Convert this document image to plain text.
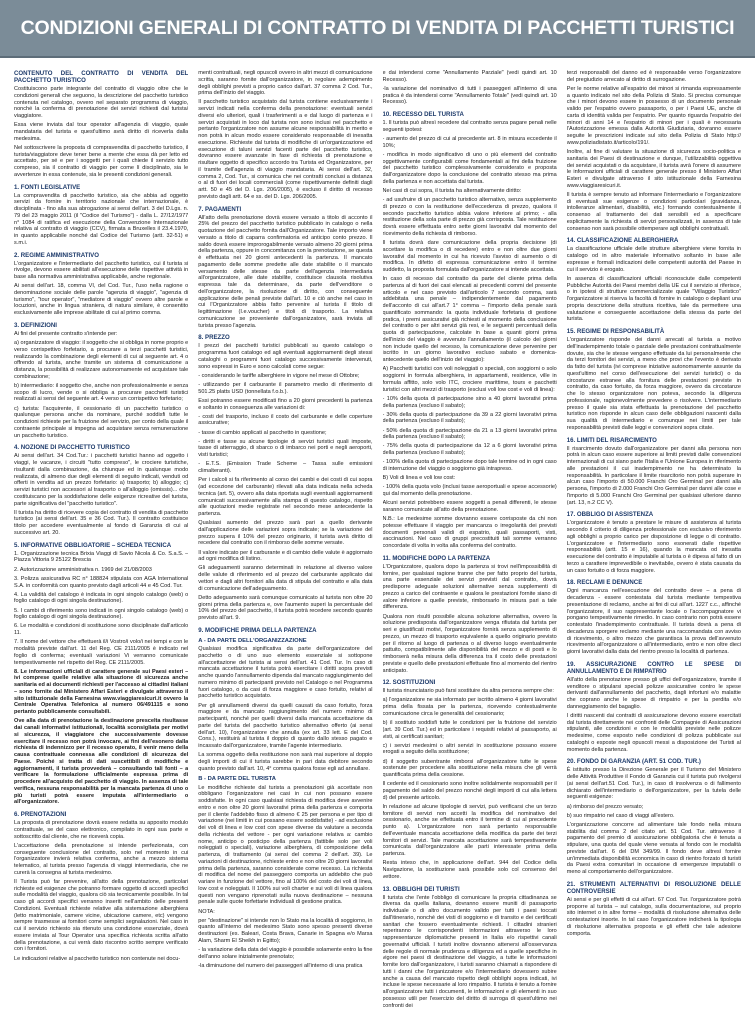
CONDIZIONI GENERALI DI CONTRATTO DI VENDITA DI PACCHETTI TURISTICI
CONTENUTO DEL CONTRATTO DI VENDITA DEL PACCHETTO TURISTICO

Costituiscono parte integrante del contratto di viaggio oltre che le condizioni generali che seguono, la descrizione del pacchetto turistico contenuta nel catalogo, ovvero nel separato programma di viaggio, nonché la conferma di prenotazione dei servizi richiesti dal turista/ viaggiatore.

Essa viene inviata dal tour operator all'agenzia di viaggio, quale mandataria del turista e quest'ultimo avrà diritto di riceverla dalla medesima.

Nel sottoscrivere la proposta di compravendita di pacchetto turistico, il turista/viaggiatore deve tener bene a mente che essa dà per letto ed accettato, per sé e per i soggetti per i quali chiede il servizio tutto compreso, sia il contratto di viaggio per come lì disciplinato, sia le avvertenze in essa contenute, sia le presenti condizioni generali.

1. FONTI LEGISLATIVE

La compravendita di pacchetto turistico, sia che abbia ad oggetto servizi da fornire in territorio nazionale che internazionale, è disciplinata - fino alla sua abrogazione ai sensi dell'art. 3 del D.Lgs. n. 79 del 23 maggio 2011 (il "Codice del Turismo") - dalla L. 27/12/1977 n° 1084 di ratifica ed esecuzione della Convenzione Internazionale relativa al contratto di viaggio (CCV), firmata a Bruxelles il 23.4.1970, in quanto applicabile nonché dal Codice del Turismo (artt. 32-51) e s.m.i.

2. REGIME AMMINISTRATIVO

L'organizzatore e l'intermediario del pacchetto turistico, cui il turista si rivolge, devono essere abilitati all'esecuzione delle rispettive attività in base alla normativa amministrativa applicabile, anche regionale.

Ai sensi dell'art. 18, comma VI, del Cod. Tur., l'uso nella ragione o denominazione sociale delle parole "agenzia di viaggio", "agenzia di turismo", "tour operator", "mediatore di viaggio" ovvero altre parole e locuzioni, anche in lingua straniera, di natura similare, è consentito esclusivamente alle imprese abilitate di cui al primo comma.

3. DEFINIZIONI

Ai fini del presente contratto s'intende per:

a) organizzatore di viaggio: il soggetto che si obbliga in nome proprio e verso corrispettivo forfetario, a procurare a terzi pacchetti turistici, realizzando la combinazione degli elementi di cui al seguente art. 4 o offrendo al turista, anche tramite un sistema di comunicazione a distanza, la possibilità di realizzare autonomamente ed acquistare tale combinazione;

b) intermediario: il soggetto che, anche non professionalmente e senza scopo di lucro, vende o si obbliga a procurare pacchetti turistici realizzati ai sensi del seguente art. 4 verso un corrispettivo forfetario;

c) turista: l'acquirente, il cessionario di un pacchetto turistico o qualunque persona anche da nominare, purché soddisfi tutte le condizioni richieste per la fruizione del servizio, per conto della quale il contraente principale si impegna ad acquistare senza remunerazione un pacchetto turistico.

4. NOZIONE DI PACCHETTO TURISTICO

Ai sensi dell'art. 34 Cod.Tur.: i pacchetti turistici hanno ad oggetto i viaggi, le vacanze, i circuiti "tutto compreso", le crociere turistiche, risultanti dalla combinazione, da chiunque ed in qualunque modo realizzata, di almeno due degli elementi di seguito indicati, venduti od offerti in vendita ad un prezzo forfetario: a) trasporto; b) alloggio; c) servizi turistici non accessori al trasporto o all'alloggio (omissis)... che costituiscano per la soddisfazione delle esigenze ricreative del turista, parte significativa del "pacchetto turistico".

Il turista ha diritto di ricevere copia del contratto di vendita di pacchetto turistico (ai sensi dell'art. 35 e 36 Cod. Tur.). Il contratto costituisce titolo per accedere eventualmente al fondo di Garanzia di cui al successivo art. 20.

5. INFORMATIVE OBBLIGATORIE – SCHEDA TECNICA

1. Organizzazione tecnica Brixia Viaggi di Savio Nicola & Co. S.a.S. – Piazza Vittoria 9 25122 Brescia

2. Autorizzazione amministrativa n. 1969 del 21/08/2003

3. Polizza assicurativa RC n° 188824 stipulata con AGA International S.A. in conformità con quanto previsto dagli articoli 44 e 45 Cod. Tur.

4. La validità del catalogo è indicata in ogni singolo catalogo (web) o foglio catalogo di ogni singola destinazione).

5. I cambi di riferimento sono indicati in ogni singolo catalogo (web) o foglio catalogo di ogni singola destinazione).

6. Le modalità e condizioni di sostituzione sono disciplinate dall'articolo 11.

7. Il nome del vettore che effettuerà il/i Vostro/i volo/i nei tempi e con le modalità previste dall'art. 11 del Reg. CE 2111/2005 è indicato nel foglio di conferma; eventuali variazioni Vi verranno comunicate tempestivamente nel rispetto del Reg. CE 2111/2005.

8. Le informazioni ufficiali di carattere generale sui Paesi esteri – ivi comprese quelle relative alla situazione di sicurezza anche sanitaria ed ai documenti richiesti per l'accesso ai cittadini italiani – sono fornite dal Ministero Affari Esteri e divulgate attraverso il sito istituzionale della Farnesina www.viaggiaresicuri.it ovvero la Centrale Operativa Telefonica al numero 06/491115 e sono pertanto pubblicamente consultabili.

Ove alla data di prenotazione la destinazione prescelta risultasse dai canali informativi istituzionali, località sconsigliata per motivi si sicurezza, il viaggiatore che successivamente dovesse esercitare il recesso non potrà invocare, ai fini dell'esonero dalla richiesta di indennizzo per il recesso operato, il venir meno della causa contrattuale connessa alle condizioni di sicurezza del Paese. Poiché si tratta di dati suscettibili di modifiche e aggiornamenti, il turista provvederà – consultando tali fonti – a verificare la formulazione ufficialmente espressa prima di procedere all'acquisto del pacchetto di viaggio. In assenza di tale verifica, nessuna responsabilità per la mancata partenza di uno o più turisti potrà essere imputata all'intermediario o all'organizzatore.

6. PRENOTAZIONI

La proposta di prenotazione dovrà essere redatta su apposito modulo contrattuale, se del caso elettronico, compilato in ogni sua parte e sottoscritto dal cliente, che ne riceverà copia.

L'accettazione della prenotazione si intende perfezionata, con conseguente conclusione del contratto, solo nel momento in cui l'organizzatore invierà relativa conferma, anche a mezzo sistema telematico, al turista presso l'agenzia di viaggi intermediaria, che ne curerà la consegna al turista medesimo.

Il Turista può far prevenire, all'atto della prenotazione, particolari richieste ed esigenze che potranno formare oggetto di accordi specifici sulle modalità del viaggio, qualora ciò sia tecnicamente possibile. In tal caso gli accordi specifici verranno inseriti nell'ambito delle presenti Condizioni. Eventuali richieste relative alla sistemazione alberghiera (letto matrimoniale, camere vicine, ubicazione camere, etc) vengono sempre trasmesse ai fornitori come semplici segnalazioni. Nel caso in cui il servizio richiesto sia ritenuto una condizione essenziale, dovrà essere inviata al Tour Operator una specifica richiesta scritta all'atto della prenotazione, a cui verrà dato riscontro scritto sempre verificato con i fornitori.

Le indicazioni relative al pacchetto turistico non contenute nei docu-

menti contrattuali, negli opuscoli ovvero in altri mezzi di comunicazione scritta, saranno fornite dall'organizzatore, in regolare adempimento degli obblighi previsti a proprio carico dall'art. 37 comma 2 Cod. Tur., prima dell'inizio del viaggio.

Il pacchetto turistico acquistato dal turista contiene esclusivamente i servizi indicati nella conferma della prenotazione: eventuali servizi diversi e/o ulteriori, quali i trasferimenti a e dal luogo di partenza e i servizi acquistati in loco dal turista non sono inclusi nel pacchetto e pertanto l'organizzatore non assume alcune responsabilità in merito e non potrà in alcun modo essere considerato responsabile di inesatta esecuzione. Richieste dal turista di modifiche di un'organizzazione ed esecuzione di taluni servizi facenti parte del pacchetto turistico, dovranno essere avanzate in fase di richiesta di prenotazione e risultare oggetto di specifico accordo tra Turista ed Organizzatore, per il tramite dell'agenzia di viaggio mandataria. Ai sensi dell'art. 32, comma 2, Cod. Tur., si comunica che nei contratti conclusi a distanza o al di fuori dei locali commerciali (come rispettivamente definiti dagli artt. 50 e 45 del D. Lgs. 206/2005), è escluso il diritto di recesso previsto dagli artt. 64 e ss. del D. Lgs. 206/2005.

7. PAGAMENTI

All'atto della prenotazione dovrà essere versato a titolo di acconto il 25% del prezzo del pacchetto turistico pubblicato in catalogo o nella quotazione del pacchetto fornita dall'Organizzatore. Tale importo viene versato a titolo di caparra confirmatoria ed anticipo conto prezzo. Il saldo dovrà essere improrogabilmente versato almeno 20 giorni prima della partenza, oppure in concomitanza con la prenotazione, se questa è effettuata nei 20 giorni antecedenti la partenza. Il mancato pagamento delle somme predette alle date stabilite o il mancato versamento delle stesse da parte dell'agenzia intermediaria all'organizzatore, alle date stabilite, costituisce clausola risolutiva espressa tale da determinare, da parte dell'venditore o dell'organizzatore, la risoluzione di diritto, con conseguente applicazione delle penali previste dall'art. 10 e ciò anche nel caso in cui l'Organizzatore abbia fatto pervenire al turista il titolo di legittimazione (I.e.voucher) e titoli di trasporto. La relativa comunicazione se proveniente dall'organizzatore, sarà inviata all turista presso l'agenzia.

8. PREZZO

I prezzi dei pacchetti turistici pubblicati su questo catalogo o programma fuori catalogo ed agli eventuali aggiornamenti degli stessi cataloghi o programmi fuori catalogo successivamente intervenuti, sono espressi in Euro e sono calcolati come segue:

- considerando le tariffe alberghiere in vigore nel mese di Ottobre;

- utilizzando per il carburante il parametro medio di riferimento di 501.25 platts USD (tonnellata f.o.b.).

Essi potranno essere modificati fino a 20 giorni precedenti la partenza e soltanto in conseguenza alle variazioni di:

- costi del trasporto, incluso il costo del carburante e delle coperture assicurative;

- tasse di cambio applicati al pacchetto in questione;

- diritti e tasse su alcune tipologie di servizi turistici quali imposte, tasse di atterraggio, di sbarco o di imbarco nei porti e negli aeroporti, visti turistici;

- E.T.S. (Emission Trade Scheme – Tassa sulle emissioni climalteranti).

Per i calcoli si fa riferimento al corso dei cambi e dei costi di cui sopra (ad eccezione del carburante) rilevati alla data indicata nella scheda tecnica (art. 5), ovvero alla data riportata sugli eventuali aggiornamenti comunicati successivamente alla stampa di questo catalogo, rispetto alle quotazioni medie registrate nel secondo mese antecedente la partenza.

Qualsiasi aumento del prezzo sarà pari a quello derivante dall'applicazione delle variazioni sopra indicate; se la variazione del prezzo supera il 10% del prezzo originario, il turista avrà diritto di recedere dal contratto con il rimborso delle somme versate.

Il valore indicato per il carburante e di cambio delle valute è aggiornato ad ogni modifica di listino.

Gli adeguamenti saranno determinati in relazione al diverso valore delle valute di riferimento ed al prezzo del carburante applicato dai vettori e dagli altri fornitori alla data di stipula del contratto e alla data di comunicazione dell'adeguamento.

Detto adeguamento sarà comunque comunicato al turista non oltre 20 giorni prima della partenza e, ove l'aumento superi la percentuale del 10% del prezzo del pacchetto, il turista potrà recedere secondo quanto previsto all'art. 9.

9. MODIFICHE PRIMA DELLA PARTENZA
A - DA PARTE DELL'ORGANIZZAZIONE

Qualsiasi modifica significativa da parte dell'organizzatore del pacchetto o di uno suo elemento essenziale si sottopone all'accettazione del turista ai sensi dell'art. 41 Cod. Tur. In caso di mancata accettazione il turista potrà esercitare i diritti sopra previsti anche quando l'annullamento dipenda dal mancato raggiungimento del numero minimo di partecipanti previsto nel Catalogo o nel Programma fuori catalogo, o da casi di forza maggiore e caso fortuito, relativi al pacchetto turistico acquistato.

Per gli annullamenti diversi da quelli causati da caso fortuito, forza maggiore e da mancato raggiungimento del numero minimo di partecipanti, nonché per quelli diversi dalla mancata accettazione da parte del turista del pacchetto turistico alternativo offerto (ai sensi dell'art. 10), l'organizzatore che annulla (ex art. 33 lett. E del Cod. Cons.), restituirà al turista il doppio di quanto dallo stesso pagato e incassato dall'organizzatore, tramite l'agente intermediario.

La somma oggetto della restituzione non sarà mai superiore al doppio degli importi di cui il turista sarebbe in pari data debitore secondo quanto previsto dall'art. 10, 4° comma qualora fosse egli ad annullare.

B - DA PARTE DEL TURISTA

Le modifiche richieste dal turista a prenotazioni già accettate non obbligano l'organizzatore nei casi in cui non possano essere soddisfatte. In ogni caso qualsiasi richiesta di modifica deve avvenire entro e non oltre 20 giorni lavorativi prima della partenza e comporta per il cliente l'addebito fisso di almeno € 25 per persona e per tipo di variazione (nei limiti in cui possano essere soddisfatte) - ad esclusione dei voli di linea e low cost con spese diverse da valutare a seconda della richiesta del vettore - per ogni variazione relativa a: cambio nome, anticipo o posticipo della partenza (fattibile solo per voli noleggiati o speciali), variazione alberghiera, di composizione della partenza, di trattamento (ai sensi del comma 2 dell'art. 39). Le variazioni di destinazione, richieste entro e non oltre 20 giorni lavorativi prima della partenza, saranno considerate come recesso. La richiesta di modifica del nome del passeggero comporta un addebito che può variare in funzione del vettore, fino al 100% del costo dei voli di linea, low cost e noleggiati. Il 100% sui voli charter e sui voli di linea qualora questi non vengano riprenotati sulla nuova destinazione – nessuna penale sulle quote forfettarie individuali di gestione pratica.

NOTA:

per "destinazione" si intende non lo Stato ma la località di soggiorno, in quanto all'interno del medesimo Stato sono spesso presenti diverse destinazioni (es. Baleari, Costa Brava, Canarie in Spagna e/o Marsa Alam, Sharm El Sheikh in Egitto);

- la variazione della data del viaggio è possibile solamente entro la fine dell'anno solare inizialmente prenotato;

-la diminuzione del numero dei passeggeri all'interno di una pratica

e dai intendersi come "Annullamento Parziale" (vedi quindi art. 10 Recesso).

-la variazione del nominativo di tutti i passeggeri all'interno di una pratica è da intendersi come "Annullamento Totale" (vedi quindi art. 10 Recesso).

10. RECESSO DEL TURISTA

1. Il turista può altresì recedere dal contratto senza pagare penali nelle seguenti ipotesi:

- aumento del prezzo di cui al precedente art. 8 in misura eccedente il 10%;

- modifica in modo significativo di uno o più elementi del contratto oggettivamente configurabili come fondamentali ai fini della fruizione del pacchetto turistico complessivamente considerato e proposta dall'organizzatore dopo la conclusione del contratto stesso ma prima della partenza e non accettata dal turista.

Nei casi di cui sopra, il turista ha alternativamente diritto:

- ad usufruire di un pacchetto turistico alternativo, senza supplemento di prezzo o con la restituzione dell'eccedenza di prezzo, qualora il secondo pacchetto turistico abbia valore inferiore al primo; - alla restituzione della sola parte di prezzo già corrisposta. Tale restituzione dovrà essere effettuata entro sette giorni lavorativi dal momento del ricevimento della richiesta di rimborso.

Il turista dovrà dare comunicazione della propria decisione (di accettare la modifica o di recedere) entro e non oltre due giorni lavorativi dal momento in cui ha ricevuto l'avviso di aumento o di modifica. In difetto di espressa comunicazione entro il termine suddetto, la proposta formulata dall'organizzatore si intende accettata.

In caso di recesso dal contratto da parte del cliente prima della partenza al di fuori dei casi elencati ai precedenti commi del presente articolo e nel caso previsto dall'articolo 7 secondo comma, sarà addebitata una penale – indipendentemente dal pagamento dell'acconto di cui all'art.7 1° comma – l'importo della penale sarà quantificato sommando: la quota individuale forfetaria di gestione pratica, i premi assicurativi già richiesti al momento della conclusione del contratto o per altri servizi già resi, e le seguenti percentuali della quota di partecipazione, calcolate in base a quanti giorni prima dell'inizio del viaggio è avvenuto l'annullamento (il calcolo dei giorni non include quello del recesso, la comunicazione deve pervenire per iscritto in un giorno lavorativo escluso sabato e domenica- antecedente quello dell'inizio del viaggio):

A) Pacchetti turistici con voli noleggiati o speciali, con soggiorni o solo soggiorni in formula alberghiera, in appartamenti, residence, ville in formula affitto, solo volo ITC, crociere marittime, tours e pacchetti turistici con altri mezzi di trasporto (esclusi voli low cost e voli di linea):

- 10% della quota di partecipazione sino a 40 giorni lavorativi prima della partenza (escluso il sabato);

- 30% della quota di partecipazione da 39 a 22 giorni lavorativi prima della partenza (escluso il sabato);

- 50% della quota di partecipazione da 21 a 13 giorni lavorativi prima della partenza (escluso il sabato);

- 75% della quota di partecipazione da 12 a 6 giorni lavorativi prima della partenza (escluso il sabato);

- 100% della quota di partecipazione dopo tale termine od in ogni caso di interruzione del viaggio o soggiorno già intrapreso.

B) Voli di linea e voli low cost:

- 100% della quota volo (inclusi tasse aeroportuali e spese accessorie) qui dal momento della prenotazione.

Alcuni servizi potrebbero essere soggetti a penali differenti, le stesse saranno comunicate all'atto della prenotazione.

N.B.: Le medesime somme dovranno essere corrisposte da chi non potesse effettuare il viaggio per mancanza o irregolarità dei previsti documenti personali validi di espatrio, quali passaporti, visti, vaccinazioni. Nel caso di gruppi precostituiti tali somme verranno concordate di volta in volta alla conferma del contratto.

11. MODIFICHE DOPO LA PARTENZA

L'Organizzatore, qualora dopo la partenza si trovi nell'impossibilità di fornire, per qualsiasi ragione tranne che per fatto proprio del turista, una parte essenziale dei servizi previsti dal contratto, dovrà predisporre adeguate soluzioni alternative senza supplementi di prezzo a carico del contraente e qualora le prestazioni fornite siano di valore inferiore a quelle previste, rimborsarlo in misura pari a tale differenza.

Qualora non risulti possibile alcuna soluzione alternativa, ovvero la soluzione predisposta dall'organizzatore venga rifiutata dal turista per seri e giustificati motivi, l'organizzatore fornirà senza supplemento di prezzo, un mezzo di trasporto equivalente a quello originario previsto per il ritorno al luogo di partenza o al diverso luogo eventualmente pattuito, compatibilmente alle disponibilità del mezzo e di posti e lo rimborserà nella misura della differenza tra il costo delle prestazioni previste e quello delle prestazioni effettuate fino al momento del rientro anticipato.

12. SOSTITUZIONI

Il turista rinunciatario può farsi sostituire da altra persona sempre che:

a) l'organizzatore ne sia informato per iscritto almeno 4 giorni lavorativi prima della fissata per la partenza, ricevendo contestualmente comunicazione circa le generalità del cessionario;

b) il sostituto soddisfi tutte le condizioni per la fruizione del servizio (art. 39 Cod. Tur.) ed in particolare i requisiti relativi al passaporto, ai visti, ai certificati sanitari;

c) i servizi medesimi o altri servizi in sostituzione possano essere erogati a seguito della sostituzione;

d) il soggetto subentrante rimborsi all'organizzatore tutte le spese sostenute per procedere alla sostituzione nella misura che gli verrà quantificata prima della cessione.

Il cedente ed il cessionario sono inoltre solidalmente responsabili per il pagamento del saldo del prezzo nonché degli importi di cui alla lettera d) del presente articolo.

In relazione ad alcune tipologie di servizi, può verificarsi che un terzo fornitore di servizi non accetti la modifica del nominativo del cessionario, anche se effettuata entro il termine di cui al precedente punto a). L'organizzatore non sarà pertanto responsabile dell'eventuale mancata accettazione della modifica da parte dei terzi fornitori di servizi. Tale mancata accettazione sarà tempestivamente comunicata dall'organizzatore alle parti interessate prima della partenza.

Resta inteso che, in applicazione dell'art. 944 del Codice della Navigazione, la sostituzione sarà possibile solo col consenso del vettore.

13. OBBLIGHI DEI TURISTI

Il turista che l'ente l'obbligo di comunicare la propria cittadinanza se diversa da quella italiana, dovranno essere muniti di passaporto individuale o di altro documento valido per tutti i paesi toccati dall'itinerario, nonché dei visti di soggiorno e di transito e dei certificati sanitari che fossero eventualmente richiesti. I cittadini stranieri reperiranno le corrispondenti informazioni attraverso le loro rappresentanze diplomatiche presenti in Italia e/o rispettivi canali governativi ufficiali. I turisti inoltre dovranno attenersi all'osservanza delle regole di normale prudenza e diligenza ed a quelle specifiche in vigore nei paesi di destinazione del viaggio, a tutte le informazioni fornite loro dall'organizzatore, i turisti saranno chiamati a rispondere di tutti i danni che l'organizzatore e/o l'intermediario dovessero subire anche a causa del mancato rispetto degli obblighi sopra indicati, ivi incluse le spese necessarie al loro rimpatrio. Il turista è tenuto a fornire all'organizzatore tutti i documenti, le informazioni e gli elementi in suo possesso utili per l'esercizio del diritto di surroga di quest'ultimo nei confronti dei

terzi responsabili del danno ed è responsabile verso l'organizzatore del pregiudizio arrecato al diritto di surrogazione.

Per le norme relative all'espatrio dei minori si rimanda espressamente a quanto indicato nel sito della Polizia di Stato. Si precisa comunque che i minori devono essere in possesso di un documento personale valido per l'espatrio ovvero passaporto, o per i Paesi UE, anche di carta di identità valida per l'espatrio. Per quanto riguarda l'espatrio dei minori di anni 14 e l'espatrio di minori per i quali è necessaria l'Autorizzazione emessa dalla Autorità Giudiziaria, dovranno essere seguite le prescrizioni indicate sul sito della Polizia di Stato http:// www.poliziadistato.it/articolo/191/.

Inoltre, al fine di valutare la situazione di sicurezza socio-politica e sanitaria dei Paesi di destinazione e dunque, l'utilizzabilità oggettiva dei servizi acquistati o da acquistare, il turista avrà l'onere di assumere le informazioni ufficiali di carattere generale presso il Ministero Affari Esteri e divulgate attraverso il sito istituzionale della Farnesina www.viaggiaresicuri.it.

Il turista è sempre tenuto ad informare l'intermediario e l'organizzatore di eventuali sue esigenze o condizioni particolari (gravidanza, intolleranze alimentari, disabilità, etc.) formando contestualmente il consenso al trattamento dei dati sensibili ed a specificare esplicitamente la richiesta di servizi personalizzati, in assenza di tale consenso non sarà possibile ottemperare agli obblighi contrattuali.

14. CLASSIFICAZIONE ALBERGHIERA

La classificazione ufficiale delle strutture alberghiere viene fornita in catalogo od in altro materiale informativo soltanto in base alle espresse e formali indicazioni delle competenti autorità del Paese in cui il servizio è erogato.

In assenza di classificazioni ufficiali riconosciute dalle competenti Pubbliche Autorità dei Paesi membri della UE cui il servizio si riferisce, o in ipotesi di strutture commercializzate quale "Villaggio Turistico" l'organizzatore si riserva la facoltà di fornire in catalogo o depliant una propria descrizione della struttura ricettiva, tale da permettere una valutazione e conseguente accettazione della stessa da parte del turista.

15. REGIME DI RESPONSABILITÀ

L'organizzatore risponde dei danni arrecati al turista a motivo dell'inadempimento totale o parziale delle prestazioni contrattualmente dovute, sia che le stesse vengano effettuate da lui personalmente che da terzi fornitori dei servizi, a meno che provi che l'evento è derivato da fatto del turista (ivi comprese iniziative autonomamente assunte da quest'ultimo nel corso dell'esecuzione dei servizi turistici) o da circostanze estranee alla fornitura delle prestazioni previste in contratto, da caso fortuito, da forza maggiore, ovvero da circostanze che lo stesso organizzatore non poteva, secondo la diligenza professionale, ragionevolmente prevedere o risolvere. L'intermediario presso il quale sia stata effettuata la prenotazione del pacchetto turistico non risponde in alcun caso delle obbligazioni nascenti dalla sua qualità di intermediario e comunque nei limiti per tale responsabilità previsti dalle leggi e convenzioni sopra citate.

16. LIMITI DEL RISARCIMENTO

Il risarcimento dovuto dall'organizzatore per danni alla persona non potrà in alcun caso essere superiore ai limiti previsti dalle convenzioni internazionali di cui siano parte l'Italia e l'Unione Europea in riferimento alle prestazioni il cui inadempimento ne ha determinato la responsabilità. In particolare il limite risarcitorio non potrà superare in alcun caso l'importo di 50.000 Franchi Oro Germinal per danni alla persona, l'importo di 2.000 Franchi Oro Germinal per danni alle cose e l'importo di 5.000 Franchi Oro Germinal per qualsiasi ulteriore danno (art. 13, n.2 CC V).

17. OBBLIGO DI ASSISTENZA

L'organizzatore è tenuto a prestare le misure di assistenza al turista secondo il criterio di diligenza professionale con esclusivo riferimento agli obblighi a proprio carico per disposizione di legge o di contratto. L'organizzatore e l'intermediario sono esonerati dalle rispettive responsabilità (artt. 15 e 16), quando la mancata od inesatta esecuzione del contratto è imputabile al turista o è dipesa al fatto di un terzo a carattere imprevedibile o inevitabile, ovvero è stata causata da un caso fortuito o di forza maggiore.

18. RECLAMI E DENUNCE

Ogni mancanza nell'esecuzione del contratto deve – a pena di decadenza - essere contestata dal turista mediante tempestiva presentazione di reclamo, anche ai fini di cui all'art. 1227 c.c., affinché l'organizzatore, il suo rappresentante locale o l'accompagnatore vi pongano tempestivamente rimedio. In caso contrario non potrà essere contestato l'inadempimento contrattuale. Il turista dovrà a pena di decadenza sporgere reclamo mediante una raccomandata con avviso di ricevimento, o altro mezzo che garantisca la prova dell'avvenuto ricevimento all'organizzatore o all'intermediario, entro e non oltre dieci giorni lavorativi dalla data del rientro presso la località di partenza.

19. ASSICURAZIONE CONTRO LE SPESE DI ANNULLAMENTO E DI RIMPATRIO

All'atto della prenotazione presso gli uffici dell'organizzatore, tramite il venditore o stipularsi speciali polizze assicurative contro le spese derivanti dall'annullamento del pacchetto, dagli infortuni e/o malattie che coprano anche le spese di rimpatrio e per la perdita e/o danneggiamento del bagaglio.

I diritti nascenti dai contratti di assicurazione devono essere esercitati dal turista direttamente nei confronti delle Compagnie di Assicurazioni stipulanti, alle condizioni e con le modalità previste nelle polizze medesime, come esposto nelle condizioni di polizza pubblicate sui cataloghi o esposte negli opuscoli messi a disposizione dei Turisti al momento della partenza.

20. FONDO DI GARANZIA (ART. 51 COD. TUR.)

È istituito presso la Direzione Generale per il Turismo del Ministero delle Attività Produttive il Fondo di Garanzia cui il turista può rivolgersi (ai sensi dell'art.51 Cod. Tur.), in caso di insolvenza o di fallimento dichiarato dell'intermediario o dell'organizzatore, per la tutela delle seguenti esigenze:

a) rimborso del prezzo versato;

b) suo rimpatrio nel caso di viaggi all'estero.

L'organizzazione concorre ad alimentare tale fondo nella misura stabilita dal comma 2 del citato art. 51 Cod. Tur. attraverso il pagamento del premio di assicurazione obbligatoria che è tenuta a stipulare, una quota del quale viene versata al fondo con le modalità previste dall'art. 6 del DM 349/99. Il fondo deve altresì fornire un'immediata disponibilità economica in caso di rientro forzato di turisti da Paesi extra comunitari in occasione di emergenze imputabili o meno al comportamento dell'organizzatore.

21. STRUMENTI ALTERNATIVI DI RISOLUZIONE DELLE CONTROVERSIE

Ai sensi e per gli effetti di cui all'art. 67 Cod. Tur. l'organizzatore potrà proporre al turista – sul catalogo, sulla documentazione, sul proprio sito internet o in altre forme – modalità di risoluzione alternativa delle contestazioni insorte. In tal caso l'organizzatore indicherà la tipologia di risoluzione alternativa proposta e gli effetti che tale adesione comporta.
